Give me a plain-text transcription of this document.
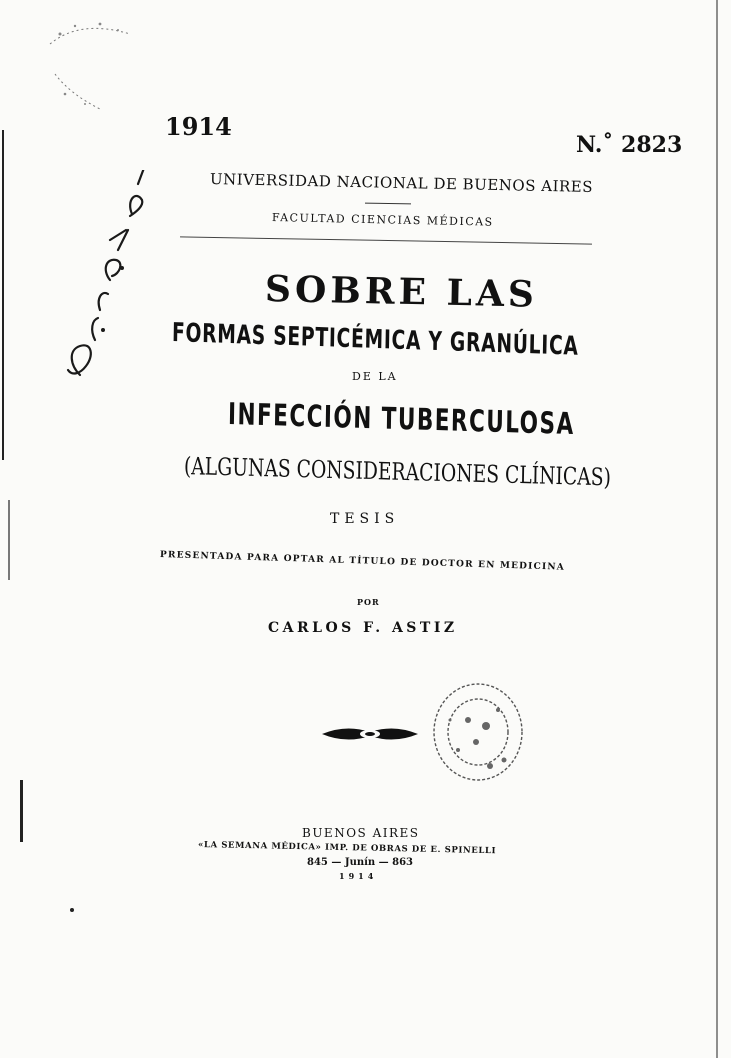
1914
N.˚ 2823
UNIVERSIDAD NACIONAL DE BUENOS AIRES
FACULTAD CIENCIAS MÉDICAS
SOBRE LAS
FORMAS SEPTICÉMICA Y GRANÚLICA
DE LA
INFECCIÓN TUBERCULOSA
(ALGUNAS CONSIDERACIONES CLÍNICAS)
TESIS
PRESENTADA PARA OPTAR AL TÍTULO DE DOCTOR EN MEDICINA
POR
CARLOS F. ASTIZ
BUENOS AIRES
«LA SEMANA MÉDICA» IMP. DE OBRAS DE E. SPINELLI
845 — Junín — 863
1914
